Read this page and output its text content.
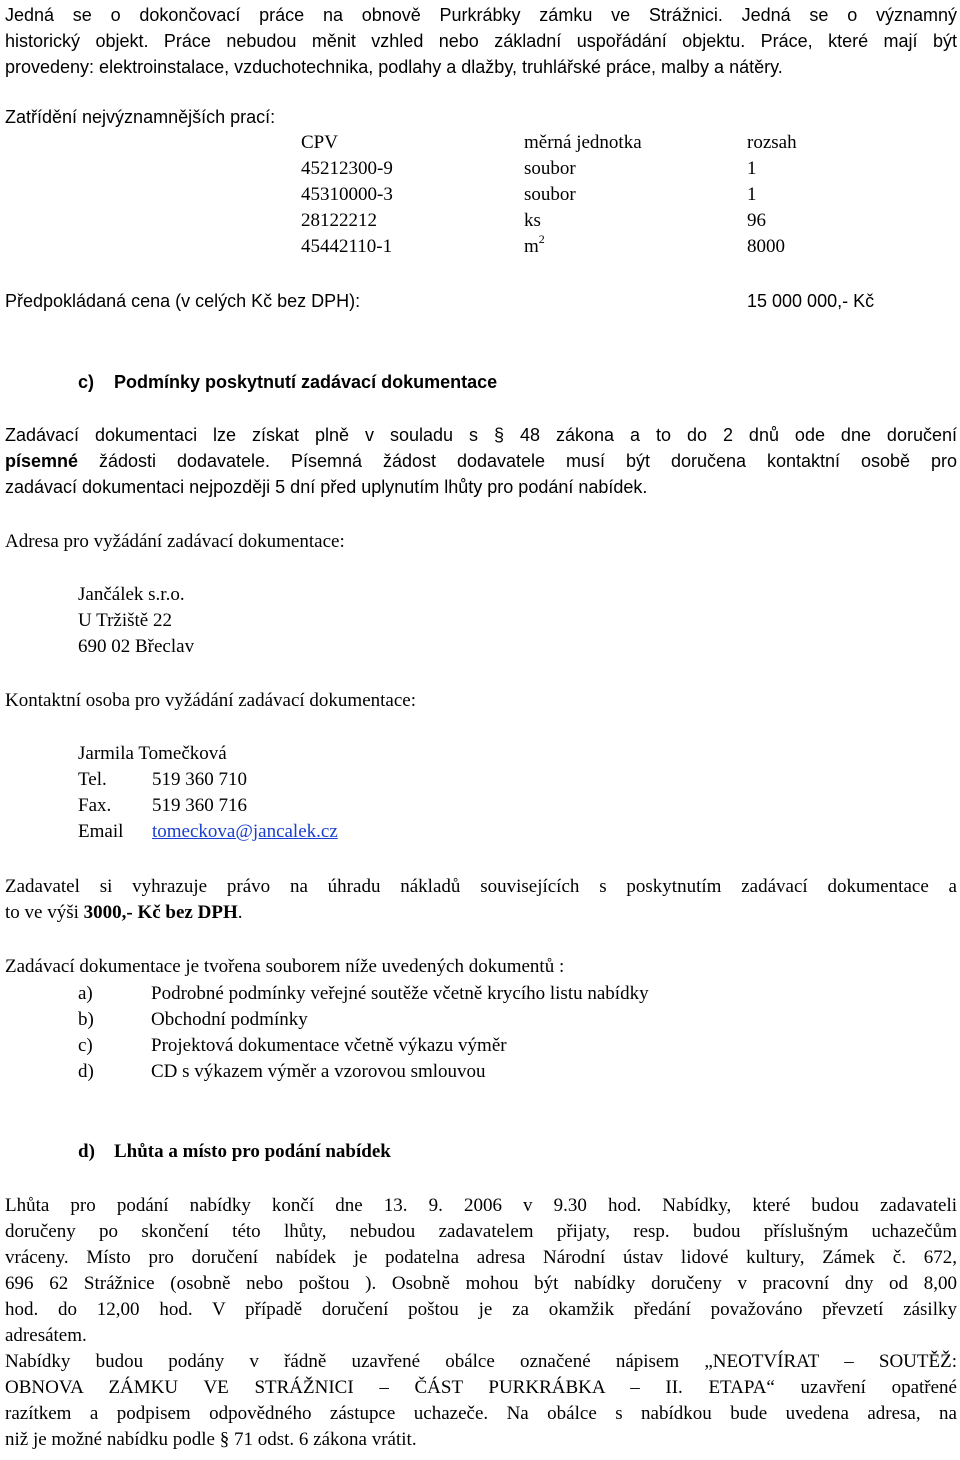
Jedná se o dokončovací práce na obnově Purkrábky zámku ve Strážnici. Jedná se o významný

historický objekt. Práce nebudou měnit vzhled nebo základní uspořádání objektu. Práce, které mají být

provedeny: elektroinstalace, vzduchotechnika, podlahy a dlažby, truhlářské práce, malby a nátěry.

Zatřídění nejvýznamnějších prací:
CPV	měrná jednotka	rozsah
45212300-9	soubor	1
45310000-3	soubor	1
28122212	ks	96
45442110-1	$m^2$	8000
Předpokládaná cena (v celých Kč bez DPH):	15 000 000,- Kč
c) Podmínky poskytnutí zadávací dokumentace

Zadávací dokumentaci lze získat plně v souladu s § 48 zákona a to do 2 dnů ode dne doručení

písemné žádosti dodavatele. Písemná žádost dodavatele musí být doručena kontaktní osobě pro

zadávací dokumentaci nejpozději 5 dní před uplynutím lhůty pro podání nabídek.

Adresa pro vyžádání zadávací dokumentace:

Jančálek s.r.o.

U Tržiště 22

690 02 Břeclav

Kontaktní osoba pro vyžádání zadávací dokumentace:

Jarmila Tomečková

Tel. 519 360 710

Fax. 519 360 716

Email tomeckova@jancalek.cz

Zadavatel si vyhrazuje právo na úhradu nákladů souvisejících s poskytnutím zadávací dokumentace a

to ve výši 3000,- Kč bez DPH.

Zadávací dokumentace je tvořena souborem níže uvedených dokumentů :
a)	Podrobné podmínky veřejné soutěže včetně krycího listu nabídky
b)	Obchodní podmínky
c)	Projektová dokumentace včetně výkazu výměr
d)	CD s výkazem výměr a vzorovou smlouvou
d) Lhůta a místo pro podání nabídek

Lhůta pro podání nabídky končí dne 13. 9. 2006 v 9.30 hod. Nabídky, které budou zadavateli

doručeny po skončení této lhůty, nebudou zadavatelem přijaty, resp. budou příslušným uchazečům

vráceny. Místo pro doručení nabídek je podatelna adresa Národní ústav lidové kultury, Zámek č. 672,

696 62 Strážnice (osobně nebo poštou ). Osobně mohou být nabídky doručeny v pracovní dny od 8,00

hod. do 12,00 hod. V případě doručení poštou je za okamžik předání považováno převzetí zásilky

adresátem.

Nabídky budou podány v řádně uzavřené obálce označené nápisem „NEOTVÍRAT – SOUTĚŽ:

OBNOVA ZÁMKU VE STRÁŽNICI – ČÁST PURKRÁBKA – II. ETAPA“ uzavření opatřené

razítkem a podpisem odpovědného zástupce uchazeče. Na obálce s nabídkou bude uvedena adresa, na

niž je možné nabídku podle § 71 odst. 6 zákona vrátit.
